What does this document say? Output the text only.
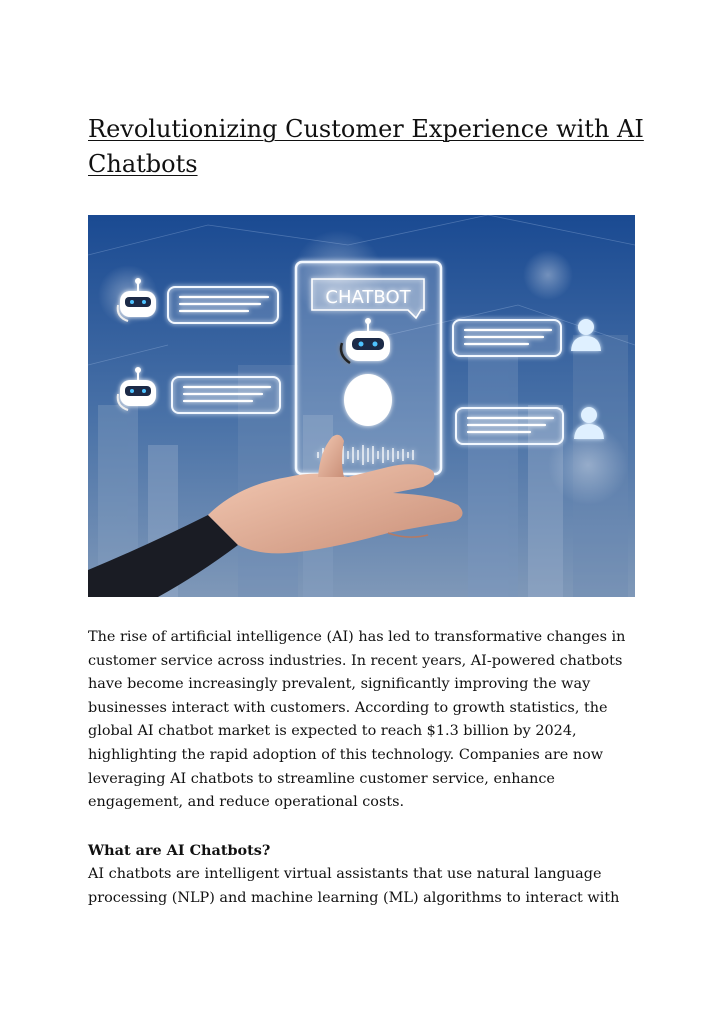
Revolutionizing Customer Experience with AI Chatbots
CHATBOT

The rise of artificial intelligence (AI) has led to transformative changes in customer service across industries. In recent years, AI-powered chatbots have become increasingly prevalent, significantly improving the way businesses interact with customers. According to growth statistics, the global AI chatbot market is expected to reach $1.3 billion by 2024, highlighting the rapid adoption of this technology. Companies are now leveraging AI chatbots to streamline customer service, enhance engagement, and reduce operational costs.

What are AI Chatbots?

AI chatbots are intelligent virtual assistants that use natural language processing (NLP) and machine learning (ML) algorithms to interact with
